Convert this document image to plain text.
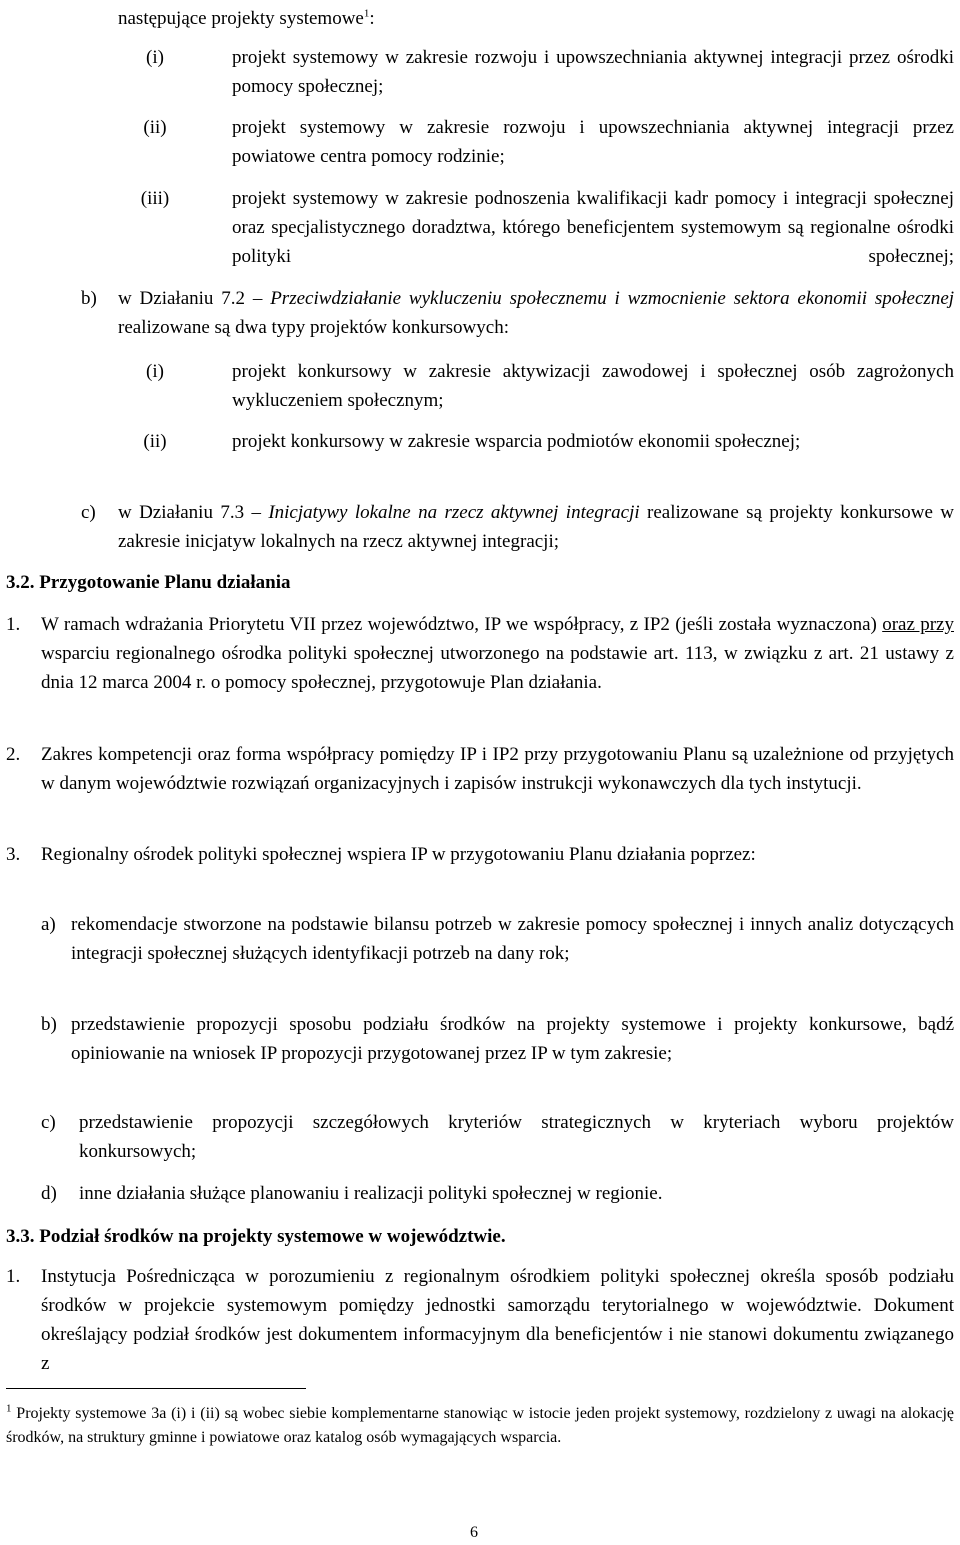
następujące projekty systemowe$^1$:
(i)	projekt systemowy w zakresie rozwoju i upowszechniania aktywnej integracji przez ośrodki pomocy społecznej;
(ii)	projekt systemowy w zakresie rozwoju i upowszechniania aktywnej integracji przez powiatowe centra pomocy rodzinie;
(iii)	projekt systemowy w zakresie podnoszenia kwalifikacji kadr pomocy i integracji społecznej oraz specjalistycznego doradztwa, którego beneficjentem systemowym są regionalne ośrodki polityki społecznej;
b) w Działaniu 7.2 – Przeciwdziałanie wykluczeniu społecznemu i wzmocnienie sektora ekonomii społecznej realizowane są dwa typy projektów konkursowych:
(i)	projekt konkursowy w zakresie aktywizacji zawodowej i społecznej osób zagrożonych wykluczeniem społecznym;
(ii)	projekt konkursowy w zakresie wsparcia podmiotów ekonomii społecznej;
c) w Działaniu 7.3 – Inicjatywy lokalne na rzecz aktywnej integracji realizowane są projekty konkursowe w zakresie inicjatyw lokalnych na rzecz aktywnej integracji;
3.2. Przygotowanie Planu działania
1. W ramach wdrażania Priorytetu VII przez województwo, IP we współpracy, z IP2 (jeśli została wyznaczona) oraz przy wsparciu regionalnego ośrodka polityki społecznej utworzonego na podstawie art. 113, w związku z art. 21 ustawy z dnia 12 marca 2004 r. o pomocy społecznej, przygotowuje Plan działania.
2. Zakres kompetencji oraz forma współpracy pomiędzy IP i IP2 przy przygotowaniu Planu są uzależnione od przyjętych w danym województwie rozwiązań organizacyjnych i zapisów instrukcji wykonawczych dla tych instytucji.
3. Regionalny ośrodek polityki społecznej wspiera IP w przygotowaniu Planu działania poprzez:
a) rekomendacje stworzone na podstawie bilansu potrzeb w zakresie pomocy społecznej i innych analiz dotyczących integracji społecznej służących identyfikacji potrzeb na dany rok;
b) przedstawienie propozycji sposobu podziału środków na projekty systemowe i projekty konkursowe, bądź opiniowanie na wniosek IP propozycji przygotowanej przez IP w tym zakresie;
c) przedstawienie propozycji szczegółowych kryteriów strategicznych w kryteriach wyboru projektów konkursowych;
d) inne działania służące planowaniu i realizacji polityki społecznej w regionie.
3.3. Podział środków na projekty systemowe w województwie.
1. Instytucja Pośrednicząca w porozumieniu z regionalnym ośrodkiem polityki społecznej określa sposób podziału środków w projekcie systemowym pomiędzy jednostki samorządu terytorialnego w województwie. Dokument określający podział środków jest dokumentem informacyjnym dla beneficjentów i nie stanowi dokumentu związanego z
$^1$ Projekty systemowe 3a (i) i (ii) są wobec siebie komplementarne stanowiąc w istocie jeden projekt systemowy, rozdzielony z uwagi na alokację środków, na struktury gminne i powiatowe oraz katalog osób wymagających wsparcia.
6
